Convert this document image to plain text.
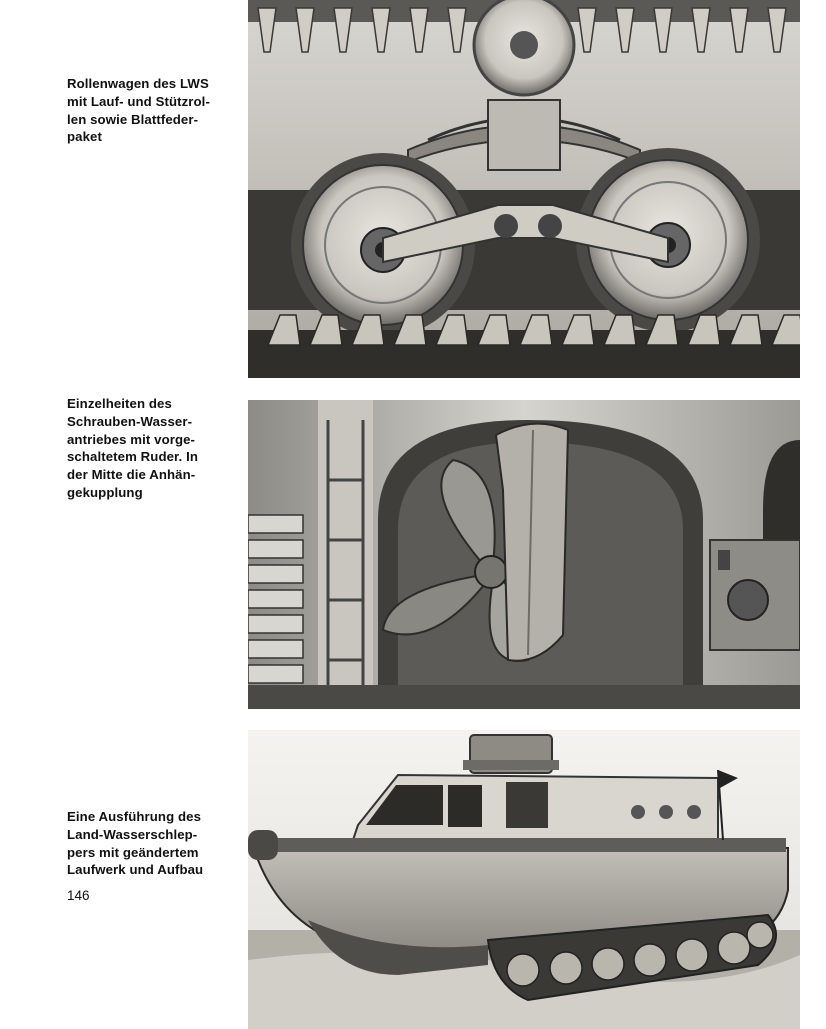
Rollenwagen des LWS
mit Lauf- und Stützrol-
len sowie Blattfeder-
paket

Einzelheiten des
Schrauben-Wasser-
antriebes mit vorge-
schaltetem Ruder. In
der Mitte die Anhän-
gekupplung

Eine Ausführung des
Land-Wasserschlep-
pers mit geändertem
Laufwerk und Aufbau

146
